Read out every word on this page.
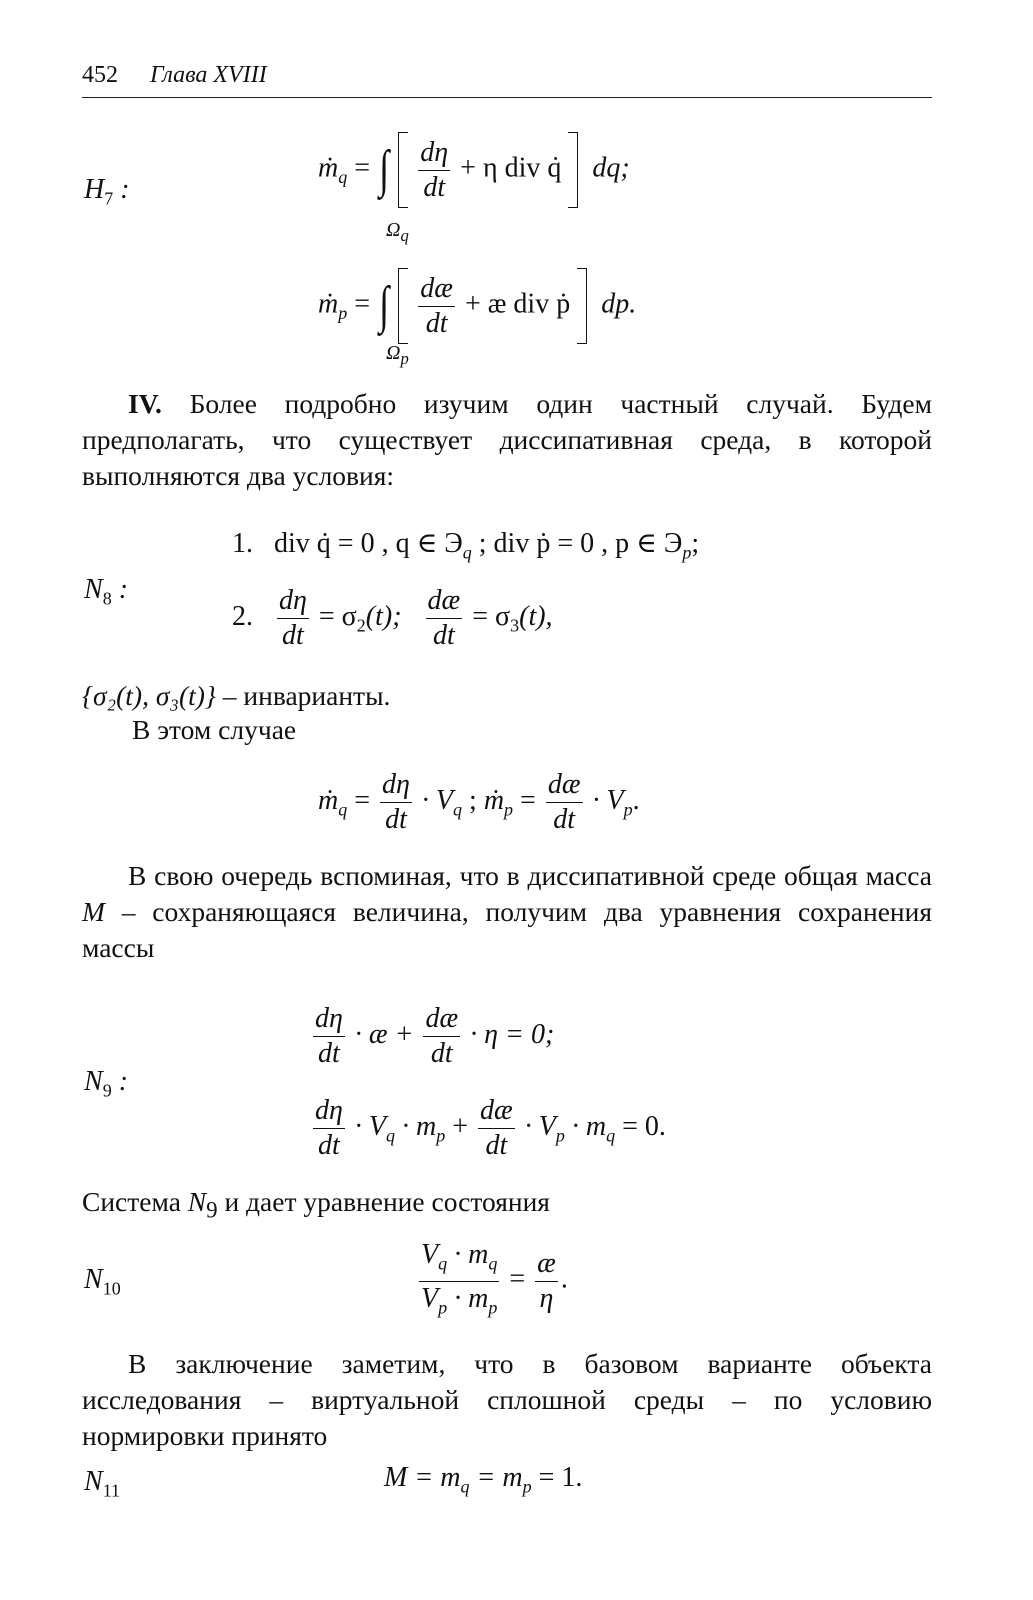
452 Глава XVIII
$H_7$ :
ṁ$_q$ = ∫ $\frac{d\eta}{dt} + \eta$ div q̇ dq;
$\Omega_q$
ṁ$_p$ = ∫ $\frac{dæ}{dt}$ + æ div ṗ dp.
$\Omega_p$
IV. Более подробно изучим один частный случай. Будем предполагать, что существует диссипативная среда, в которой выполняются два условия:
$N_8$ :
1. div q̇ = 0 , q ∈ $Э_q$ ; div ṗ = 0 , p ∈ $Э_p$;
2. $\frac{d\eta}{dt} = \sigma_2(t)$; $\frac{dæ}{dt} = \sigma_3(t)$,
{σ₂(t), σ₃(t)} – инварианты.
В этом случае
ṁ$_q$ = $\frac{d\eta}{dt} \cdot V_q$ ; ṁ$_p$ = $\frac{dæ}{dt} \cdot V_p$.
В свою очередь вспоминая, что в диссипативной среде общая масса M – сохраняющаяся величина, получим два уравнения сохранения массы
$N_9$ :
$\frac{d\eta}{dt}$ · æ + $\frac{dæ}{dt} \cdot \eta = 0$;
$\frac{d\eta}{dt} \cdot V_q \cdot m_p + \frac{dæ}{dt} \cdot V_p \cdot m_q = 0$.
Система $N_9$ и дает уравнение состояния
$N_{10}$	$\frac{V_q \cdot m_q}{V_p \cdot m_p} = \frac{æ}{\eta}$ .
В заключение заметим, что в базовом варианте объекта исследования – виртуальной сплошной среды – по условию нормировки принято
$N_{11}$	$M = m_q = m_p = 1$.
